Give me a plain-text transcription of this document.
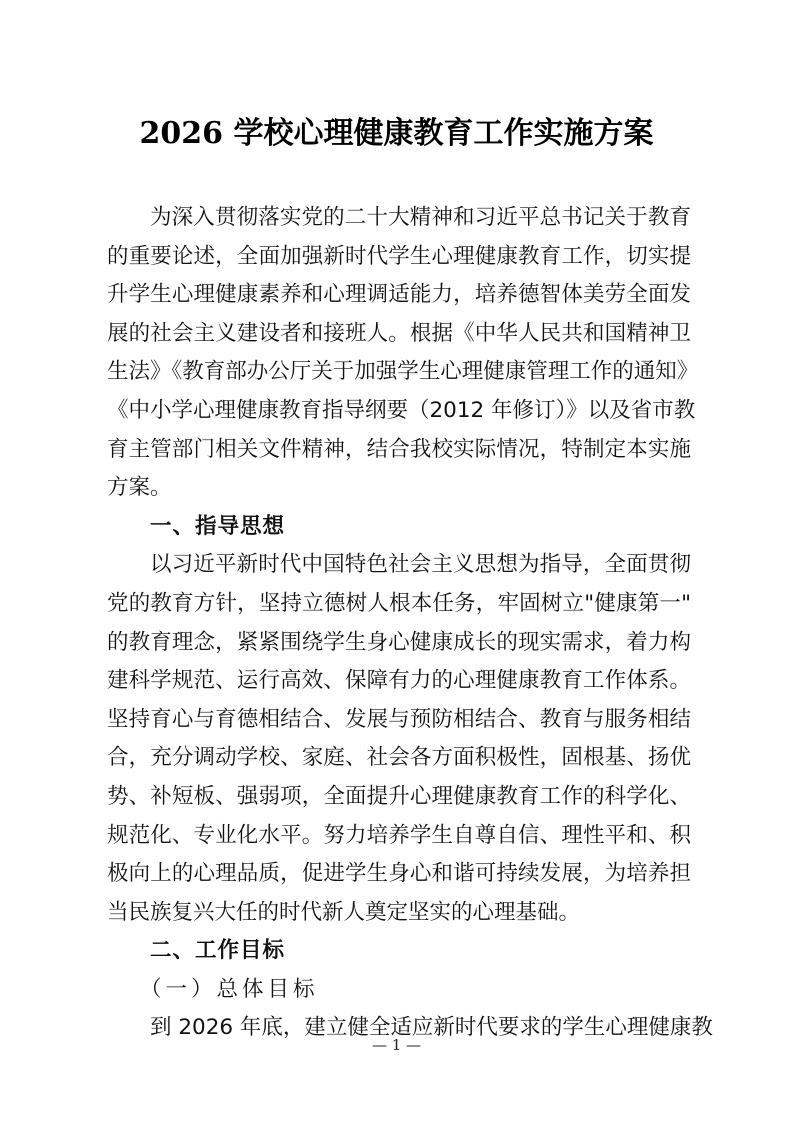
2026 学校心理健康教育工作实施方案
为深入贯彻落实党的二十大精神和习近平总书记关于教育
的重要论述，全面加强新时代学生心理健康教育工作，切实提
升学生心理健康素养和心理调适能力，培养德智体美劳全面发
展的社会主义建设者和接班人。根据《中华人民共和国精神卫
生法》《教育部办公厅关于加强学生心理健康管理工作的通知》
《中小学心理健康教育指导纲要（2012 年修订）》以及省市教
育主管部门相关文件精神，结合我校实际情况，特制定本实施
方案。
一、指导思想
以习近平新时代中国特色社会主义思想为指导，全面贯彻
党的教育方针，坚持立德树人根本任务，牢固树立"健康第一"
的教育理念，紧紧围绕学生身心健康成长的现实需求，着力构
建科学规范、运行高效、保障有力的心理健康教育工作体系。
坚持育心与育德相结合、发展与预防相结合、教育与服务相结
合，充分调动学校、家庭、社会各方面积极性，固根基、扬优
势、补短板、强弱项，全面提升心理健康教育工作的科学化、
规范化、专业化水平。努力培养学生自尊自信、理性平和、积
极向上的心理品质，促进学生身心和谐可持续发展，为培养担
当民族复兴大任的时代新人奠定坚实的心理基础。
二、工作目标
（一）总体目标
到 2026 年底，建立健全适应新时代要求的学生心理健康教
— 1 —
